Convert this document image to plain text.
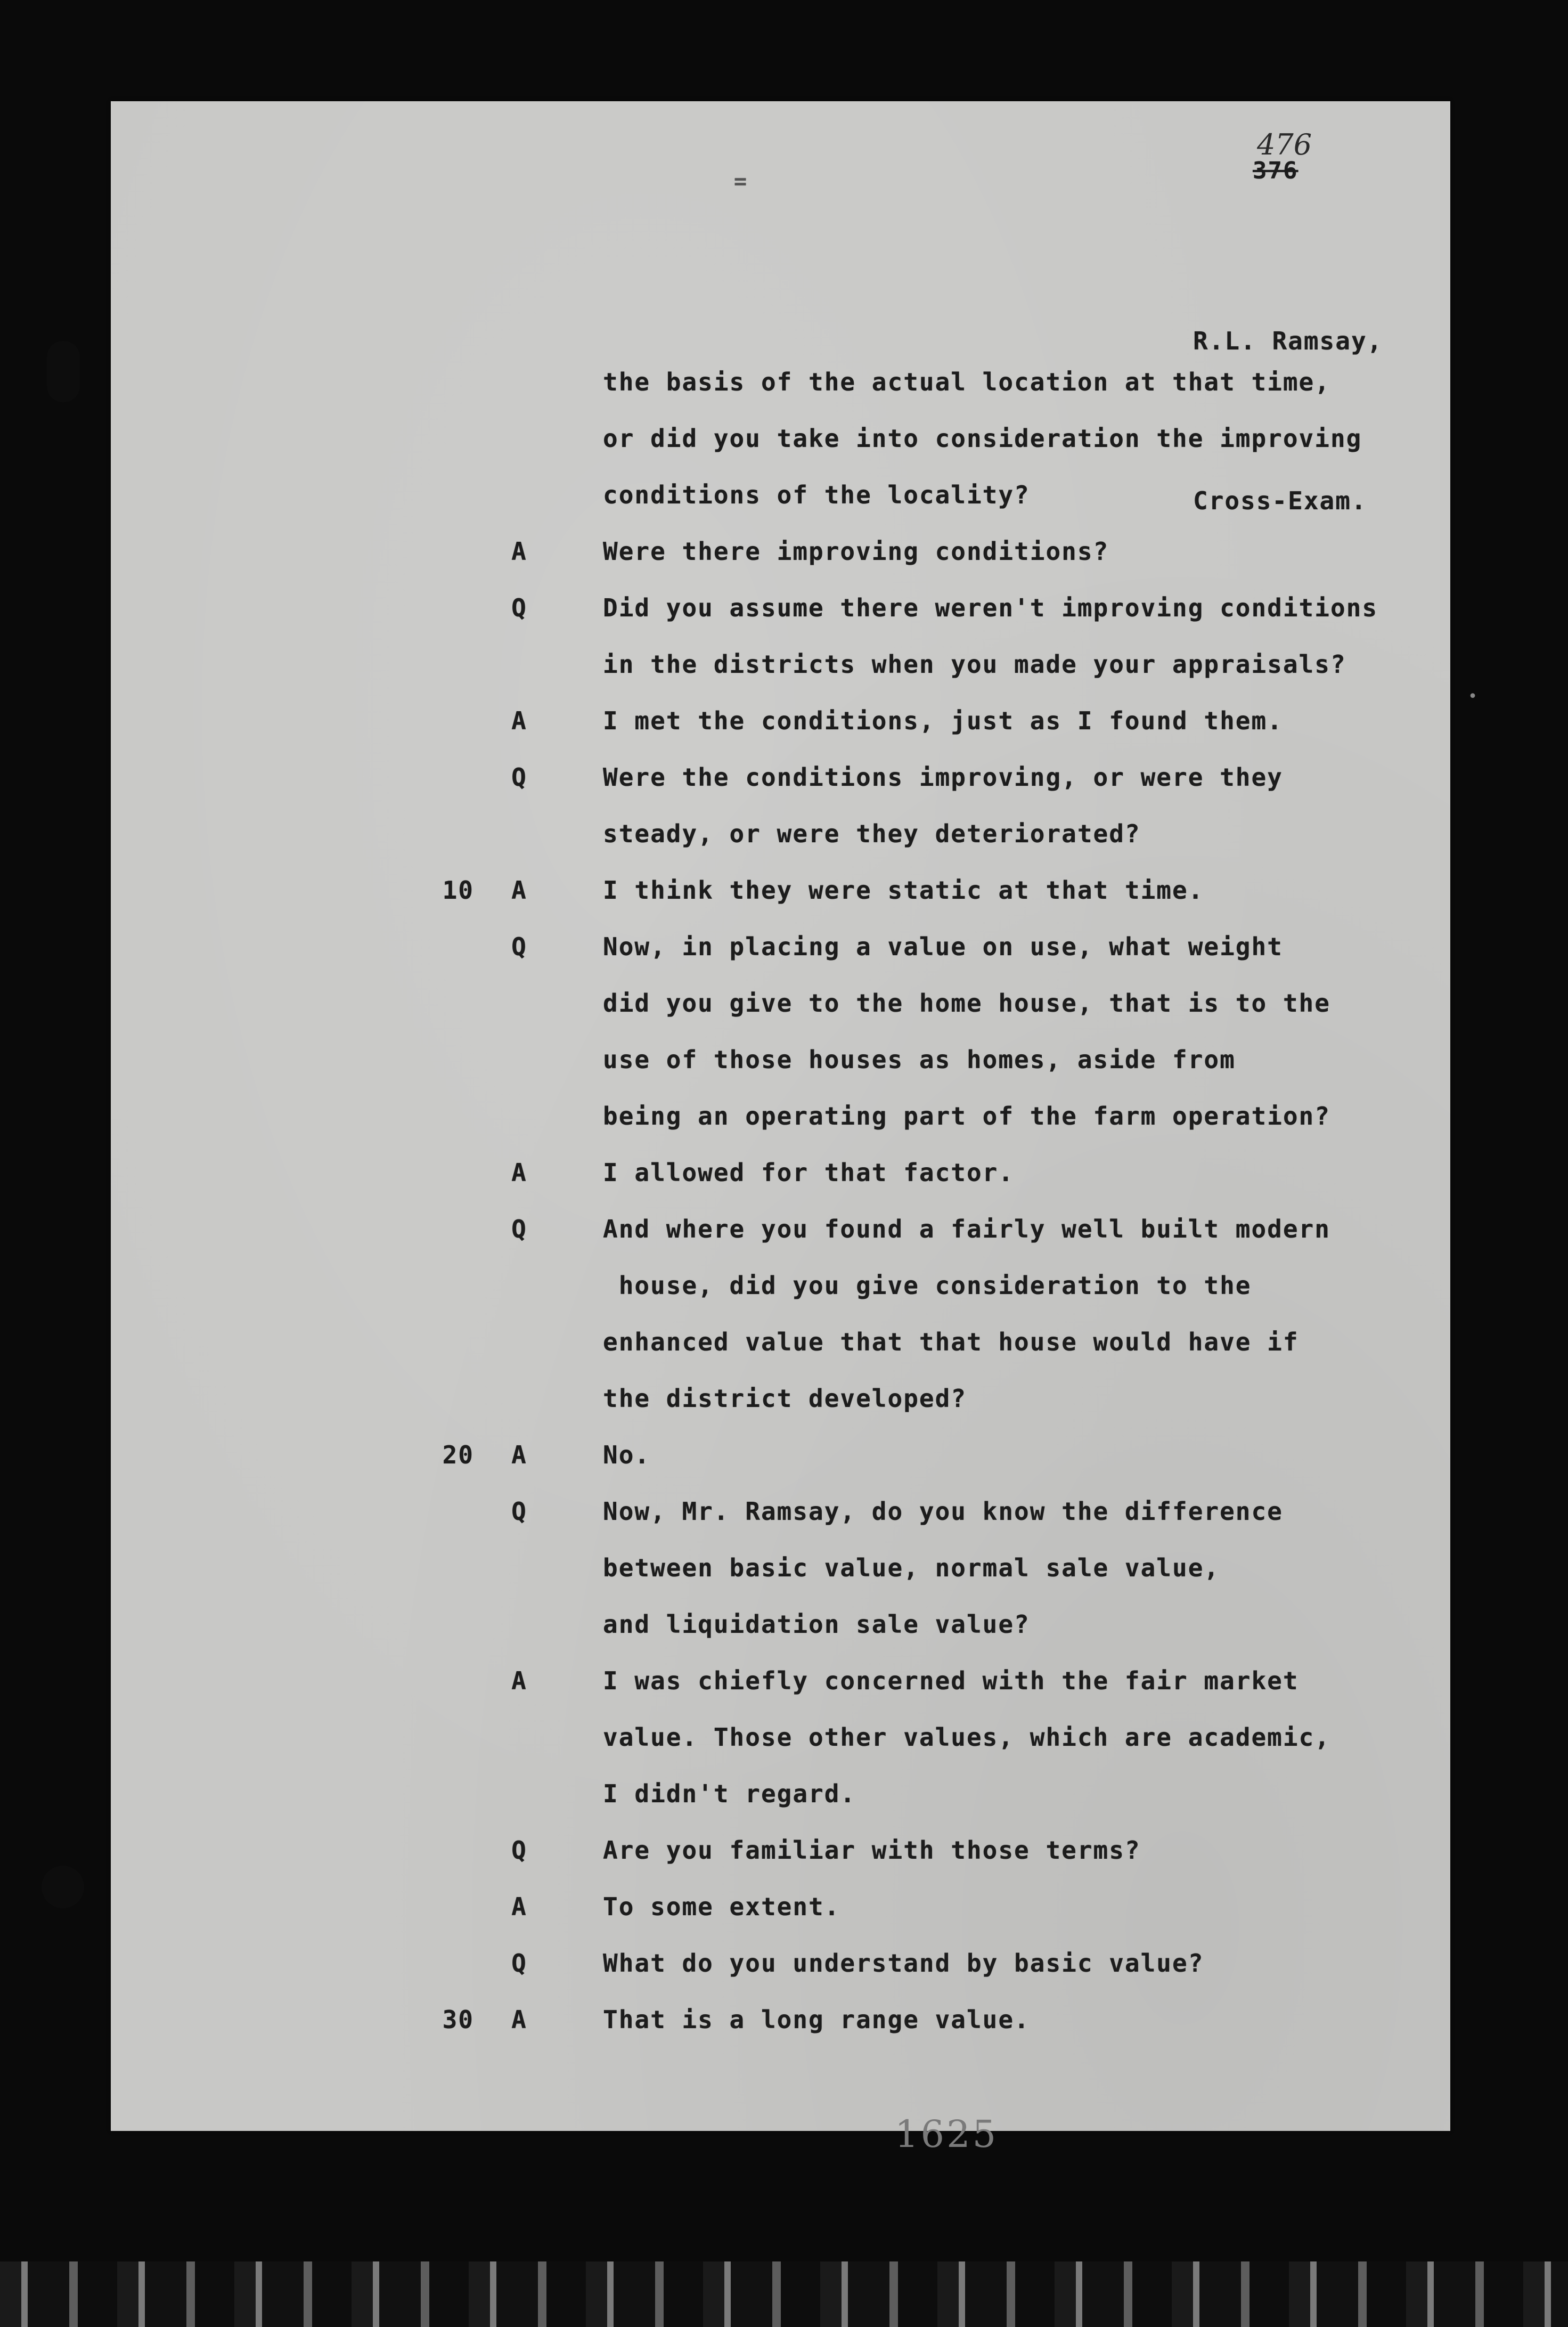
476
376
=

R.L. Ramsay,

Cross-Exam.

•
the basis of the actual location at that time,
or did you take into consideration the improving
conditions of the locality?
A	Were there improving conditions?
Q	Did you assume there weren't improving conditions
in the districts when you made your appraisals?
A	I met the conditions, just as I found them.
Q	Were the conditions improving, or were they
steady, or were they deteriorated?
10	A	I think they were static at that time.
Q	Now, in placing a value on use, what weight
did you give to the home house, that is to the
use of those houses as homes, aside from
being an operating part of the farm operation?
A	I allowed for that factor.
Q	And where you found a fairly well built modern
house, did you give consideration to the
enhanced value that that house would have if
the district developed?
20	A	No.
Q	Now, Mr. Ramsay, do you know the difference
between basic value, normal sale value,
and liquidation sale value?
A	I was chiefly concerned with the fair market
value. Those other values, which are academic,
I didn't regard.
Q	Are you familiar with those terms?
A	To some extent.
Q	What do you understand by basic value?
30	A	That is a long range value.
1625
